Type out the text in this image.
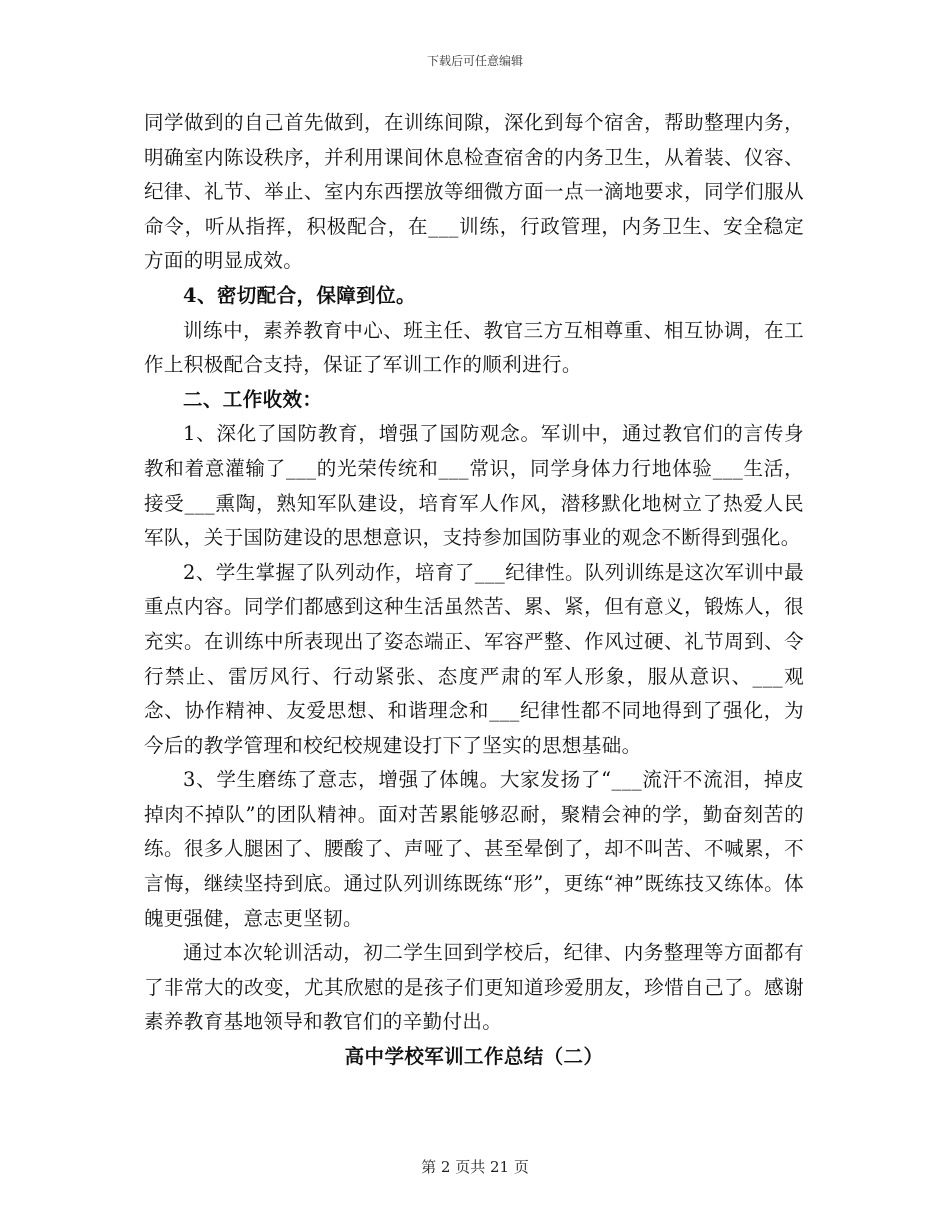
下载后可任意编辑

同学做到的自己首先做到，在训练间隙，深化到每个宿舍，帮助整理内务，明确室内陈设秩序，并利用课间休息检查宿舍的内务卫生，从着装、仪容、纪律、礼节、举止、室内东西摆放等细微方面一点一滴地要求，同学们服从命令，听从指挥，积极配合，在___训练，行政管理，内务卫生、安全稳定方面的明显成效。

4、密切配合，保障到位。

训练中，素养教育中心、班主任、教官三方互相尊重、相互协调，在工作上积极配合支持，保证了军训工作的顺利进行。

二、工作收效：

1、深化了国防教育，增强了国防观念。军训中，通过教官们的言传身教和着意灌输了___的光荣传统和___常识，同学身体力行地体验___生活，接受___熏陶，熟知军队建设，培育军人作风，潜移默化地树立了热爱人民军队，关于国防建设的思想意识，支持参加国防事业的观念不断得到强化。

2、学生掌握了队列动作，培育了___纪律性。队列训练是这次军训中最重点内容。同学们都感到这种生活虽然苦、累、紧，但有意义，锻炼人，很充实。在训练中所表现出了姿态端正、军容严整、作风过硬、礼节周到、令行禁止、雷厉风行、行动紧张、态度严肃的军人形象，服从意识、___观念、协作精神、友爱思想、和谐理念和___纪律性都不同地得到了强化，为今后的教学管理和校纪校规建设打下了坚实的思想基础。

3、学生磨练了意志，增强了体魄。大家发扬了“___流汗不流泪，掉皮掉肉不掉队”的团队精神。面对苦累能够忍耐，聚精会神的学，勤奋刻苦的练。很多人腿困了、腰酸了、声哑了、甚至晕倒了，却不叫苦、不喊累，不言悔，继续坚持到底。通过队列训练既练“形”，更练“神”既练技又练体。体魄更强健，意志更坚韧。

通过本次轮训活动，初二学生回到学校后，纪律、内务整理等方面都有了非常大的改变，尤其欣慰的是孩子们更知道珍爱朋友，珍惜自己了。感谢素养教育基地领导和教官们的辛勤付出。

高中学校军训工作总结（二）

第 2 页共 21 页
